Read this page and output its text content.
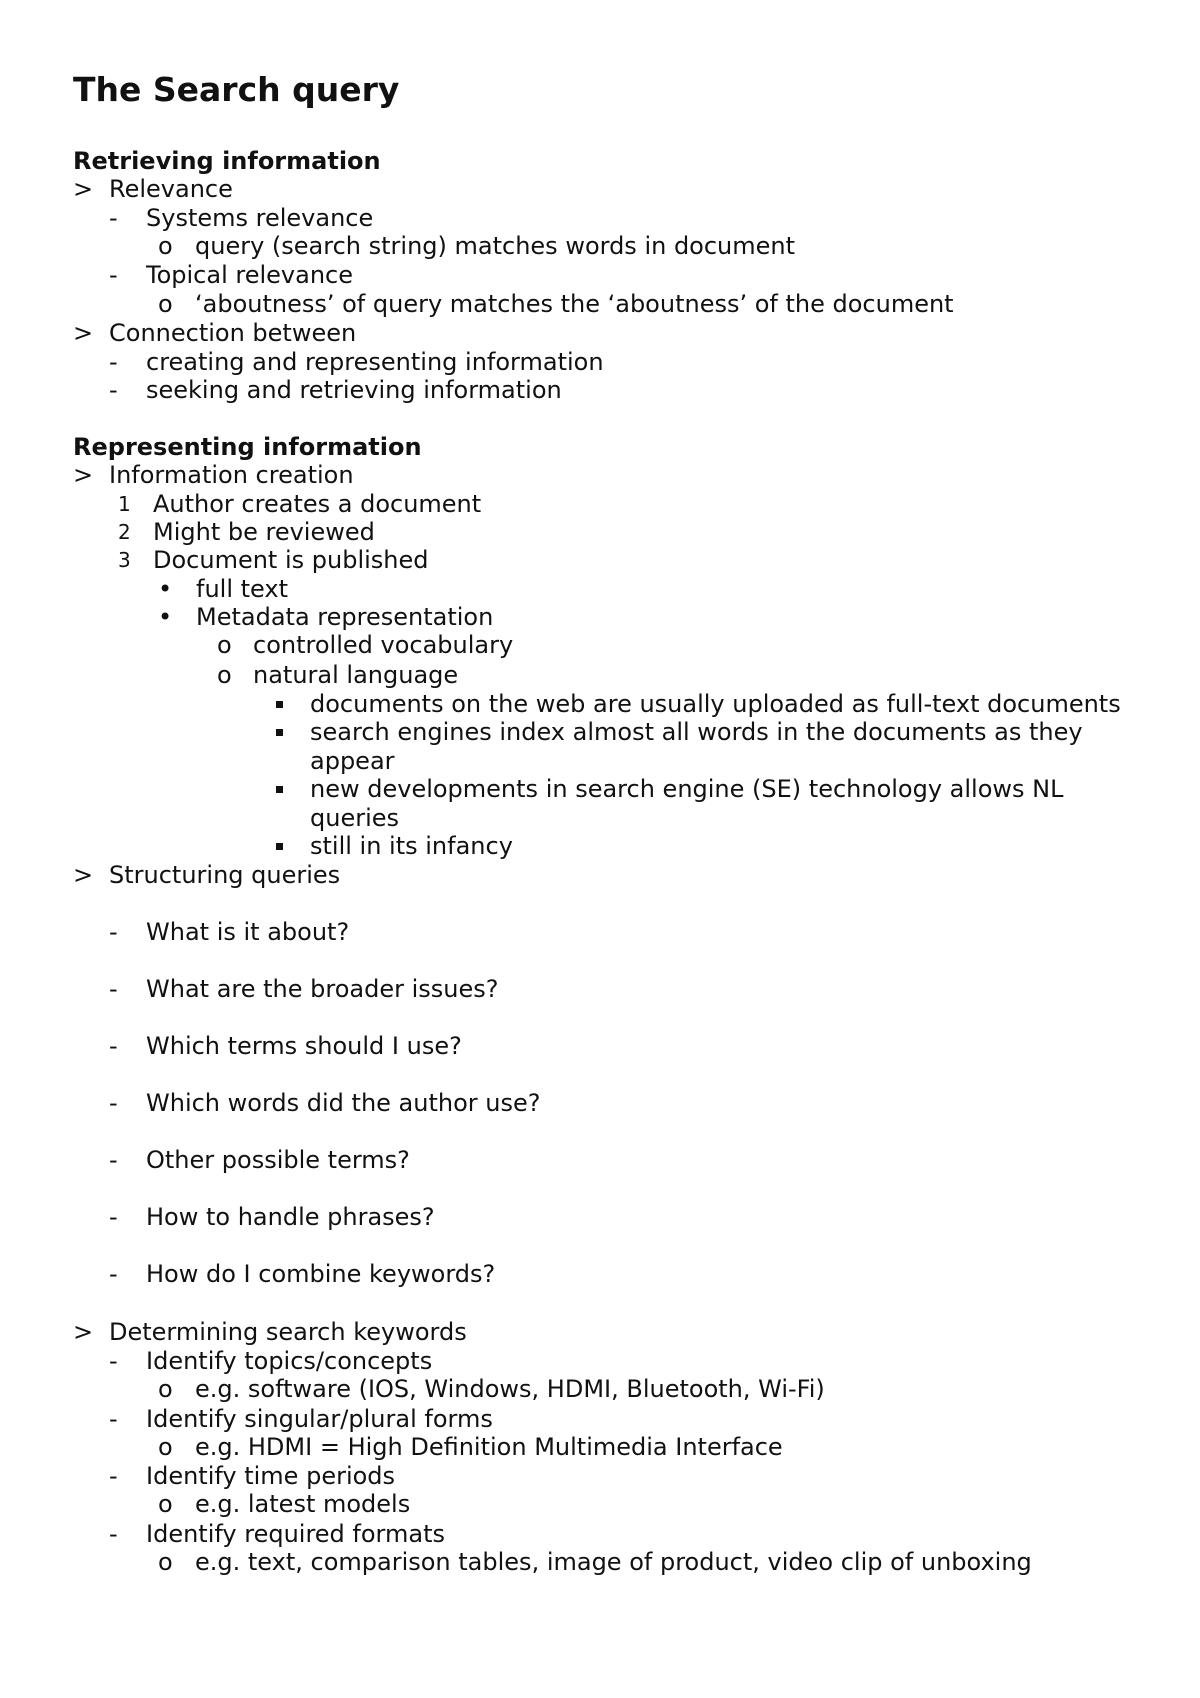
The Search query
Retrieving information
> Relevance
- Systems relevance
o query (search string) matches words in document
- Topical relevance
o ‘aboutness’ of query matches the ‘aboutness’ of the document
> Connection between
- creating and representing information
- seeking and retrieving information
Representing information
> Information creation
1 Author creates a document
2 Might be reviewed
3 Document is published
• full text
• Metadata representation
o controlled vocabulary
o natural language
documents on the web are usually uploaded as full-text documents
search engines index almost all words in the documents as they
appear
new developments in search engine (SE) technology allows NL
queries
still in its infancy
> Structuring queries
- What is it about?
- What are the broader issues?
- Which terms should I use?
- Which words did the author use?
- Other possible terms?
- How to handle phrases?
- How do I combine keywords?
> Determining search keywords
- Identify topics/concepts
o e.g. software (IOS, Windows, HDMI, Bluetooth, Wi-Fi)
- Identify singular/plural forms
o e.g. HDMI = High Definition Multimedia Interface
- Identify time periods
o e.g. latest models
- Identify required formats
o e.g. text, comparison tables, image of product, video clip of unboxing
